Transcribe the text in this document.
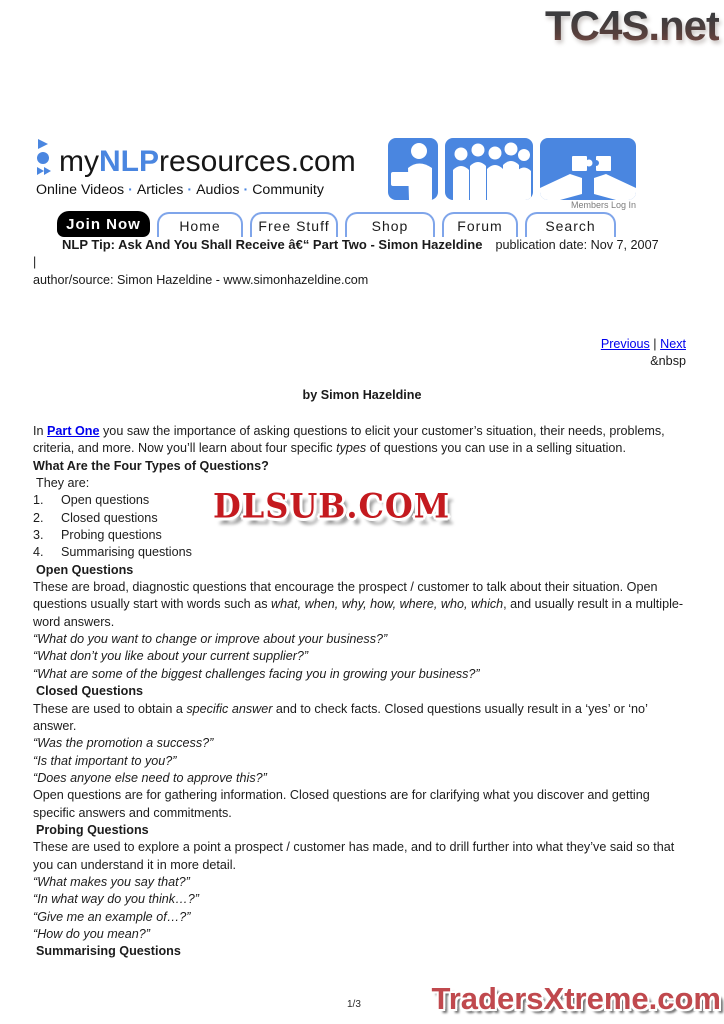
TC4S.net
DLSUB.COM
TradersXtreme.com
myNLPresources.com
Online Videos · Articles · Audios · Community
Members Log In
Join Now	Home	Free Stuff	Shop	Forum	Search
NLP Tip: Ask And You Shall Receive â€“ Part Two - Simon Hazeldine publication date: Nov 7, 2007
|
author/source: Simon Hazeldine - www.simonhazeldine.com
Previous | Next
&nbsp
by Simon Hazeldine

In Part One you saw the importance of asking questions to elicit your customer’s situation, their needs, problems, criteria, and more. Now you’ll learn about four specific types of questions you can use in a selling situation.

What Are the Four Types of Questions?

They are:

1. Open questions

2. Closed questions

3. Probing questions

4. Summarising questions

Open Questions

These are broad, diagnostic questions that encourage the prospect / customer to talk about their situation. Open questions usually start with words such as what, when, why, how, where, who, which, and usually result in a multiple-word answers.

“What do you want to change or improve about your business?”

“What don’t you like about your current supplier?”

“What are some of the biggest challenges facing you in growing your business?”

Closed Questions

These are used to obtain a specific answer and to check facts. Closed questions usually result in a ‘yes’ or ‘no’ answer.

“Was the promotion a success?”

“Is that important to you?”

“Does anyone else need to approve this?”

Open questions are for gathering information. Closed questions are for clarifying what you discover and getting specific answers and commitments.

Probing Questions

These are used to explore a point a prospect / customer has made, and to drill further into what they’ve said so that you can understand it in more detail.

“What makes you say that?”

“In what way do you think…?”

“Give me an example of…?”

“How do you mean?”

Summarising Questions

1/3
